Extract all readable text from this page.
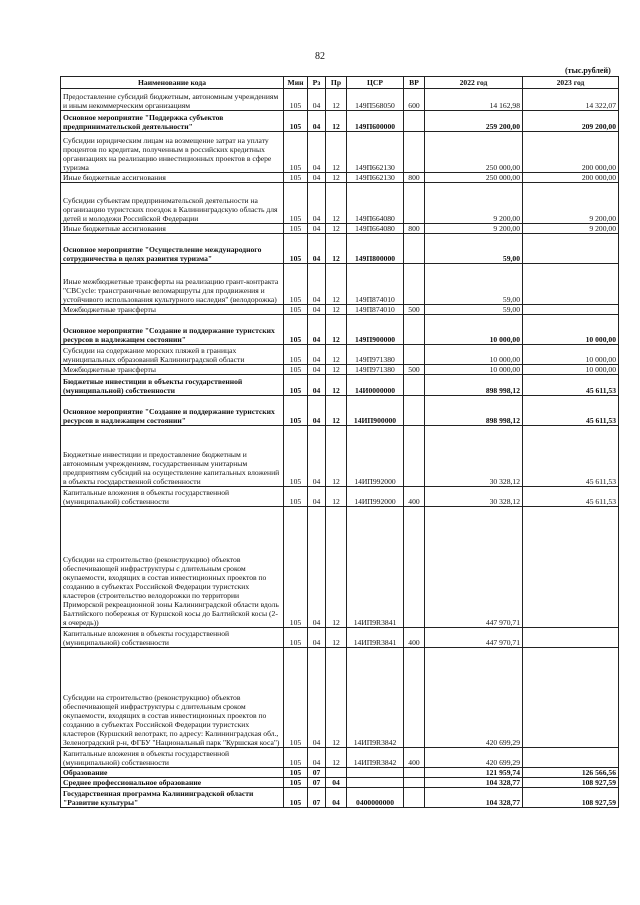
82
(тыс.рублей)
Наименование кода	Мин	Рз	Пр	ЦСР	ВР	2022 год	2023 год
Предоставление субсидий бюджетным, автономным учреждениям и иным некоммерческим организациям	105	04	12	149П568050	600	14 162,98	14 322,07
Основное мероприятие "Поддержка субъектов предпринимательской деятельности"	105	04	12	149П600000		259 200,00	209 200,00
Субсидии юридическим лицам на возмещение затрат на уплату процентов по кредитам, полученным в российских кредитных организациях на реализацию инвестиционных проектов в сфере туризма	105	04	12	149П662130		250 000,00	200 000,00
Иные бюджетные ассигнования	105	04	12	149П662130	800	250 000,00	200 000,00
Субсидии субъектам предпринимательской деятельности на организацию туристских поездок в Калининградскую область для детей и молодежи Российской Федерации	105	04	12	149П664080		9 200,00	9 200,00
Иные бюджетные ассигнования	105	04	12	149П664080	800	9 200,00	9 200,00
Основное мероприятие "Осуществление международного сотрудничества в целях развития туризма"	105	04	12	149П800000		59,00	
Иные межбюджетные трансферты на реализацию грант-контракта "CBCycle: трансграничные веломаршруты для продвижения и устойчивого использования культурного наследия" (велодорожка)	105	04	12	149П874010		59,00	
Межбюджетные трансферты	105	04	12	149П874010	500	59,00	
Основное мероприятие "Создание и поддержание туристских ресурсов в надлежащем состоянии"	105	04	12	149П900000		10 000,00	10 000,00
Субсидии на содержание морских пляжей в границах муниципальных образований Калининградской области	105	04	12	149П971380		10 000,00	10 000,00
Межбюджетные трансферты	105	04	12	149П971380	500	10 000,00	10 000,00
Бюджетные инвестиции в объекты государственной (муниципальной) собственности	105	04	12	14И0000000		898 998,12	45 611,53
Основное мероприятие "Создание и поддержание туристских ресурсов в надлежащем состоянии"	105	04	12	14ИП900000		898 998,12	45 611,53
Бюджетные инвестиции и предоставление бюджетным и автономным учреждениям, государственным унитарным предприятиям субсидий на осуществление капитальных вложений в объекты государственной собственности	105	04	12	14ИП992000		30 328,12	45 611,53
Капитальные вложения в объекты государственной (муниципальной) собственности	105	04	12	14ИП992000	400	30 328,12	45 611,53
Субсидии на строительство (реконструкцию) объектов обеспечивающей инфраструктуры с длительным сроком окупаемости, входящих в состав инвестиционных проектов по созданию в субъектах Российской Федерации туристских кластеров (строительство велодорожки по территории Приморской рекреационной зоны Калининградской области вдоль Балтийского побережья от Куршской косы до Балтийской косы (2-я очередь))	105	04	12	14ИП9R3841		447 970,71	
Капитальные вложения в объекты государственной (муниципальной) собственности	105	04	12	14ИП9R3841	400	447 970,71	
Субсидии на строительство (реконструкцию) объектов обеспечивающей инфраструктуры с длительным сроком окупаемости, входящих в состав инвестиционных проектов по созданию в субъектах Российской Федерации туристских кластеров (Куршский велотракт, по адресу: Калининградская обл., Зеленоградский р-н, ФГБУ "Национальный парк "Куршская коса")	105	04	12	14ИП9R3842		420 699,29	
Капитальные вложения в объекты государственной (муниципальной) собственности	105	04	12	14ИП9R3842	400	420 699,29	
Образование	105	07				121 959,74	126 566,56
Среднее профессиональное образование	105	07	04			104 328,77	108 927,59
Государственная программа Калининградской области "Развитие культуры"	105	07	04	0400000000		104 328,77	108 927,59
